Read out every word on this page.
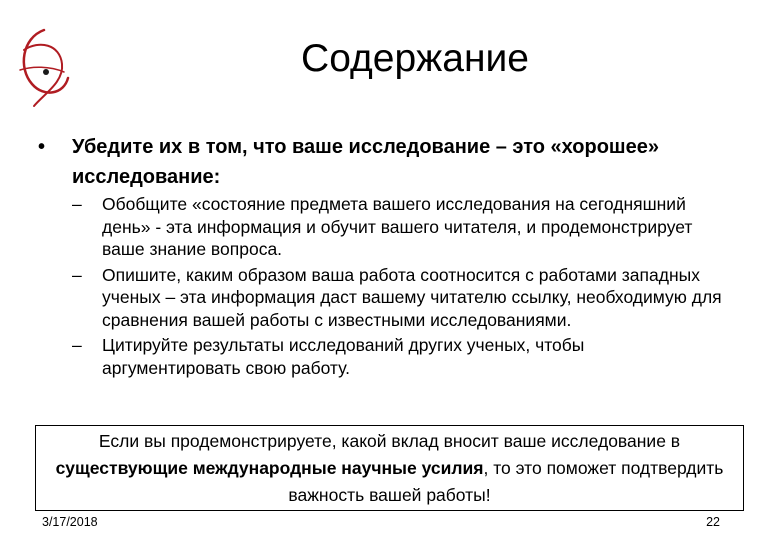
Содержание
• Убедите их в том, что ваше исследование – это «хорошее» исследование:
– Обобщите «состояние предмета вашего исследования на сегодняшний день» - эта информация и обучит вашего читателя, и продемонстрирует ваше знание вопроса.
– Опишите, каким образом ваша работа соотносится с работами западных ученых – эта информация даст вашему читателю ссылку, необходимую для сравнения вашей работы с известными исследованиями.
– Цитируйте результаты исследований других ученых, чтобы аргументировать свою работу.
Если вы продемонстрируете, какой вклад вносит ваше исследование в существующие международные научные усилия, то это поможет подтвердить важность вашей работы!
3/17/2018	22
